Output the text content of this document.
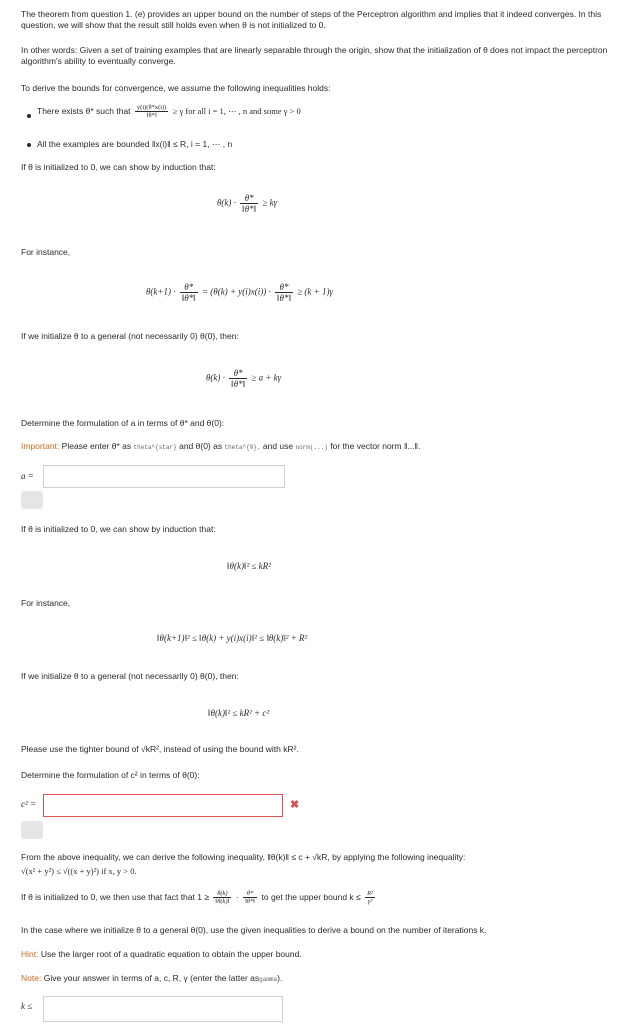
The theorem from question 1. (e) provides an upper bound on the number of steps of the Perceptron algorithm and implies that it indeed converges. In this question, we will show that the result still holds even when θ is not initialized to 0.
In other words: Given a set of training examples that are linearly separable through the origin, show that the initialization of θ does not impact the perceptron algorithm's ability to eventually converge.
To derive the bounds for convergence, we assume the following inequalities holds:
There exists θ* such that $\frac{y(i)(\theta*x(i))}{‖\theta*‖} \ge \gamma$ for all i = 1, ⋯ , n and some γ > 0
All the examples are bounded ‖x(i)‖ ≤ R, i = 1, ⋯ , n
If θ is initialized to 0, we can show by induction that:
$\theta(k) \cdot \frac{\theta*}{‖\theta*‖} \ge k\gamma$
For instance,
$\theta(k+1) \cdot \frac{\theta*}{‖\theta*‖} = (\theta(k) + y(i)x(i)) \cdot \frac{\theta*}{‖\theta*‖} \ge (k + 1)\gamma$
If we initialize θ to a general (not necessarily 0) θ(0), then:
$\theta(k) \cdot \frac{\theta*}{‖\theta*‖} \ge a + k\gamma$
Determine the formulation of a in terms of θ* and θ(0):
Important: Please enter θ* as theta^{star} and θ(0) as theta^{0}, and use norm(...) for the vector norm ‖...‖.
a =
If θ is initialized to 0, we can show by induction that:
‖θ(k)‖² ≤ kR²
For instance,
‖θ(k+1)‖² ≤ ‖θ(k) + y(i)x(i)‖² ≤ ‖θ(k)‖² + R²
If we initialize θ to a general (not necessarily 0) θ(0), then:
‖θ(k)‖² ≤ kR² + c²
Please use the tighter bound of √kR², instead of using the bound with kR².
Determine the formulation of c² in terms of θ(0):
c² =	✖
From the above inequality, we can derive the following inequality, ‖θ(k)‖ ≤ c + √kR, by applying the following inequality:
√(x² + y²) ≤ √((x + y)²) if x, y > 0.
If θ is initialized to 0, we then use that fact that $1 \ge \frac{\theta(k)}{‖\theta(k)‖} \cdot \frac{\theta*}{‖\theta*‖}$ to get the upper bound $k \le \frac{\text{R²}}{\text{γ²}}$
In the case where we initialize θ to a general θ(0), use the given inequalities to derive a bound on the number of iterations k.
Hint: Use the larger root of a quadratic equation to obtain the upper bound.
Note: Give your answer in terms of a, c, R, γ (enter the latter asgamma).
k ≤
